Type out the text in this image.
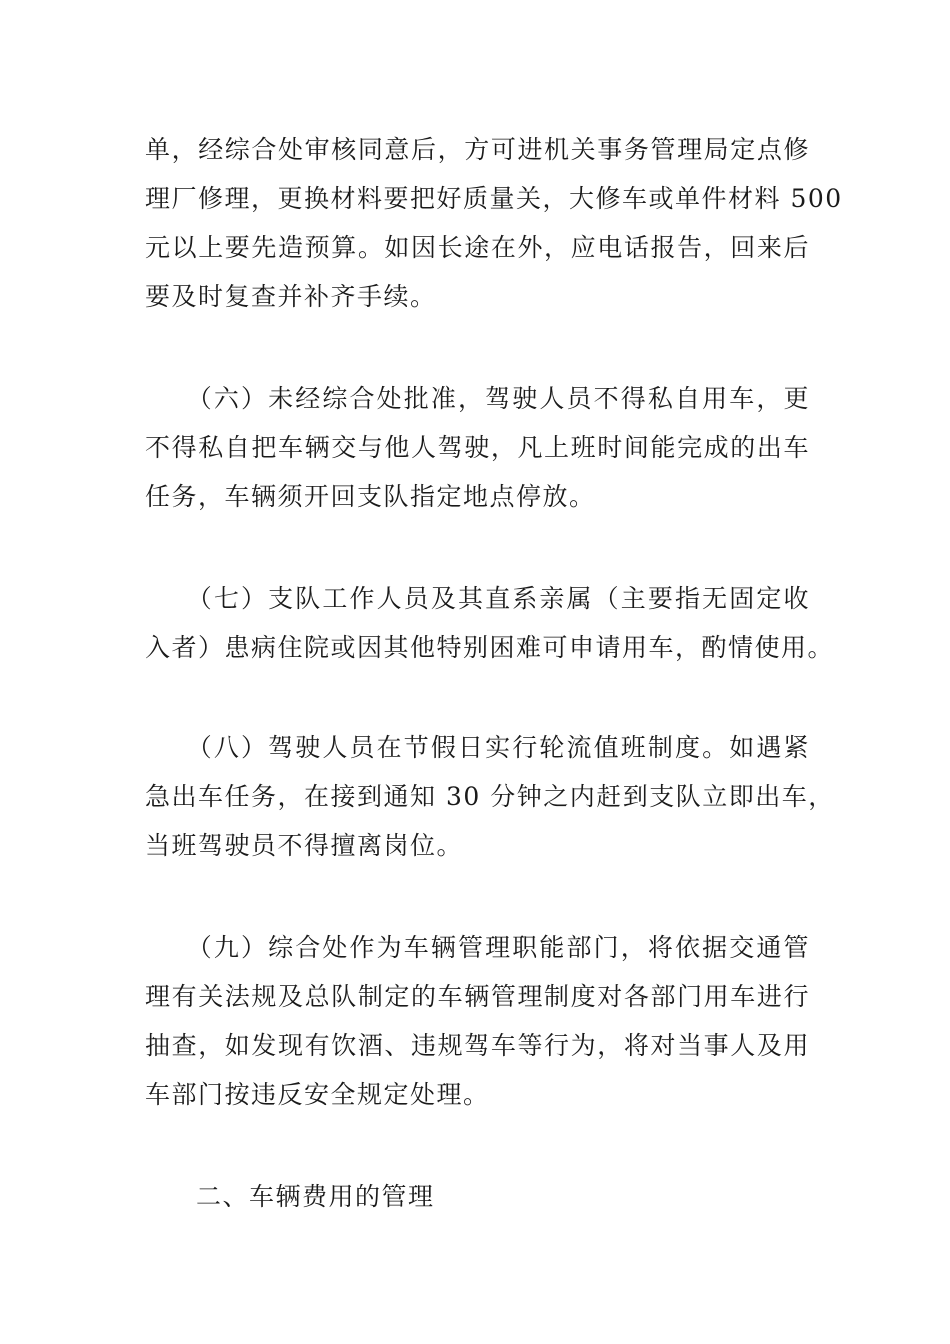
单，经综合处审核同意后，方可进机关事务管理局定点修
理厂修理，更换材料要把好质量关，大修车或单件材料 500
元以上要先造预算。如因长途在外，应电话报告，回来后
要及时复查并补齐手续。
　　（六）未经综合处批准，驾驶人员不得私自用车，更
不得私自把车辆交与他人驾驶，凡上班时间能完成的出车
任务，车辆须开回支队指定地点停放。
　　（七）支队工作人员及其直系亲属（主要指无固定收
入者）患病住院或因其他特别困难可申请用车，酌情使用。
　　（八）驾驶人员在节假日实行轮流值班制度。如遇紧
急出车任务，在接到通知 30 分钟之内赶到支队立即出车，
当班驾驶员不得擅离岗位。
　　（九）综合处作为车辆管理职能部门，将依据交通管
理有关法规及总队制定的车辆管理制度对各部门用车进行
抽查，如发现有饮酒、违规驾车等行为，将对当事人及用
车部门按违反安全规定处理。
二、车辆费用的管理
